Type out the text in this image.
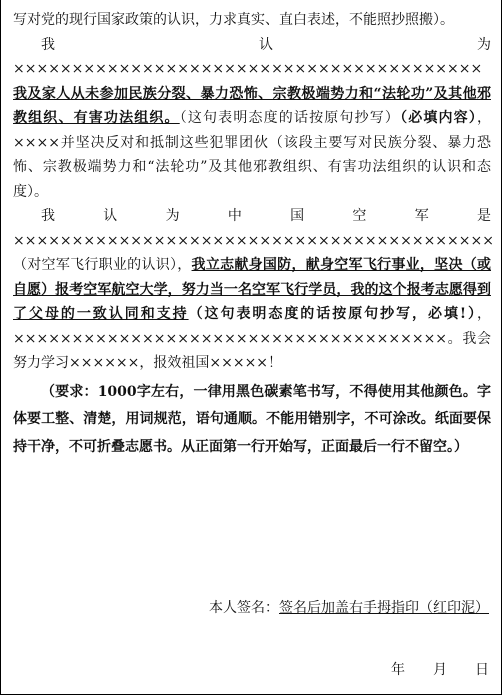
写对党的现行国家政策的认识，力求真实、直白表述，不能照抄照搬）。

我认为××××××××××××××××××××××××××××××××××××××××我及家人从未参加民族分裂、暴力恐怖、宗教极端势力和“法轮功”及其他邪教组织、有害功法组织。（这句表明态度的话按原句抄写）（必填内容），××××并坚决反对和抵制这些犯罪团伙（该段主要写对民族分裂、暴力恐怖、宗教极端势力和“法轮功”及其他邪教组织、有害功法组织的认识和态度）。

我认为中国空军是×××××××××××××××××××××××××××××××××××××××××（对空军飞行职业的认识），我立志献身国防，献身空军飞行事业，坚决（或自愿）报考空军航空大学，努力当一名空军飞行学员，我的这个报考志愿得到了父母的一致认同和支持（这句表明态度的话按原句抄写，必填!），×××××××××××××××××××××××××××××××××××××。我会努力学习××××××，报效祖国×××××！

（要求：1000字左右，一律用黑色碳素笔书写，不得使用其他颜色。字体要工整、清楚，用词规范，语句通顺。不能用错别字，不可涂改。纸面要保持干净，不可折叠志愿书。从正面第一行开始写，正面最后一行不留空。）

本人签名：签名后加盖右手拇指印（红印泥）
年 月 日
